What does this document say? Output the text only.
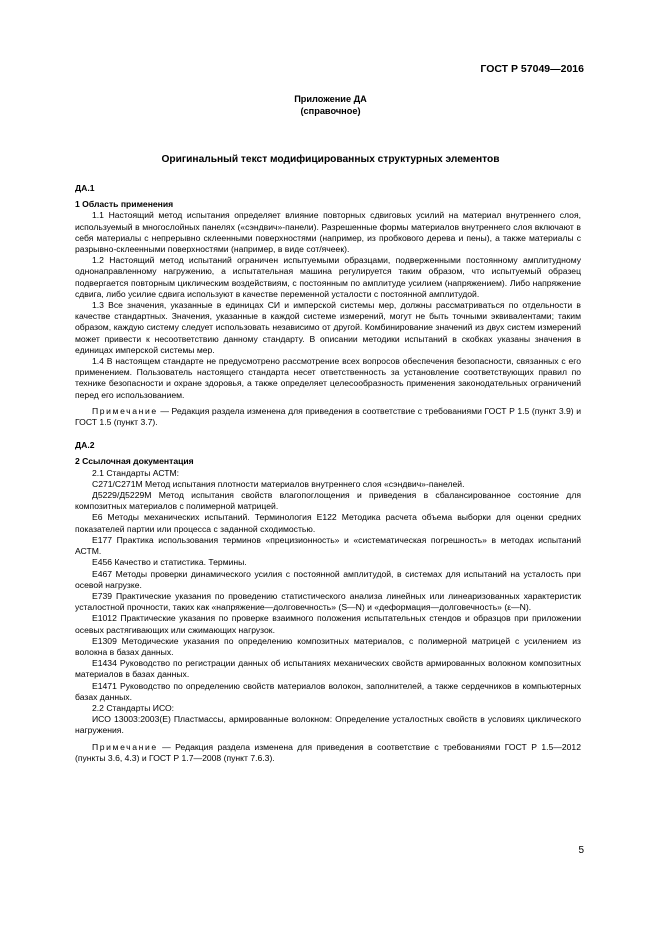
ГОСТ Р 57049—2016
Приложение ДА
(справочное)
Оригинальный текст модифицированных структурных элементов
ДА.1
1 Область применения

1.1 Настоящий метод испытания определяет влияние повторных сдвиговых усилий на материал внутреннего слоя, используемый в многослойных панелях («сэндвич»-панели). Разрешенные формы материалов внутреннего слоя включают в себя материалы с непрерывно склеенными поверхностями (например, из пробкового дерева и пены), а также материалы с разрывно-склеенными поверхностями (например, в виде сот/ячеек).

1.2 Настоящий метод испытаний ограничен испытуемыми образцами, подверженными постоянному амплитудному однонаправленному нагружению, а испытательная машина регулируется таким образом, что испытуемый образец подвергается повторным циклическим воздействиям, с постоянным по амплитуде усилием (напряжением). Либо напряжение сдвига, либо усилие сдвига используют в качестве переменной усталости с постоянной амплитудой.

1.3 Все значения, указанные в единицах СИ и имперской системы мер, должны рассматриваться по отдельности в качестве стандартных. Значения, указанные в каждой системе измерений, могут не быть точными эквивалентами; таким образом, каждую систему следует использовать независимо от другой. Комбинирование значений из двух систем измерений может привести к несоответствию данному стандарту. В описании методики испытаний в скобках указаны значения в единицах имперской системы мер.

1.4 В настоящем стандарте не предусмотрено рассмотрение всех вопросов обеспечения безопасности, связанных с его применением. Пользователь настоящего стандарта несет ответственность за установление соответствующих правил по технике безопасности и охране здоровья, а также определяет целесообразность применения законодательных ограничений перед его использованием.

Примечание — Редакция раздела изменена для приведения в соответствие с требованиями ГОСТ Р 1.5 (пункт 3.9) и ГОСТ 1.5 (пункт 3.7).

ДА.2
2 Ссылочная документация

2.1 Стандарты АСТМ:

C271/C271M Метод испытания плотности материалов внутреннего слоя «сэндвич»-панелей.

Д5229/Д5229М Метод испытания свойств влагопоглощения и приведения в сбалансированное состояние для композитных материалов с полимерной матрицей.

Е6 Методы механических испытаний. Терминология Е122 Методика расчета объема выборки для оценки средних показателей партии или процесса с заданной сходимостью.

Е177 Практика использования терминов «прецизионность» и «систематическая погрешность» в методах испытаний АСТМ.

Е456 Качество и статистика. Термины.

Е467 Методы проверки динамического усилия с постоянной амплитудой, в системах для испытаний на усталость при осевой нагрузке.

Е739 Практические указания по проведению статистического анализа линейных или линеаризованных характеристик усталостной прочности, таких как «напряжение—долговечность» (S—N) и «деформация—долговечность» (ε—N).

Е1012 Практические указания по проверке взаимного положения испытательных стендов и образцов при приложении осевых растягивающих или сжимающих нагрузок.

Е1309 Методические указания по определению композитных материалов, с полимерной матрицей с усилением из волокна в базах данных.

Е1434 Руководство по регистрации данных об испытаниях механических свойств армированных волокном композитных материалов в базах данных.

Е1471 Руководство по определению свойств материалов волокон, заполнителей, а также сердечников в компьютерных базах данных.

2.2 Стандарты ИСО:

ИСО 13003:2003(Е) Пластмассы, армированные волокном: Определение усталостных свойств в условиях циклического нагружения.

Примечание — Редакция раздела изменена для приведения в соответствие с требованиями ГОСТ Р 1.5—2012 (пункты 3.6, 4.3) и ГОСТ Р 1.7—2008 (пункт 7.6.3).

5
